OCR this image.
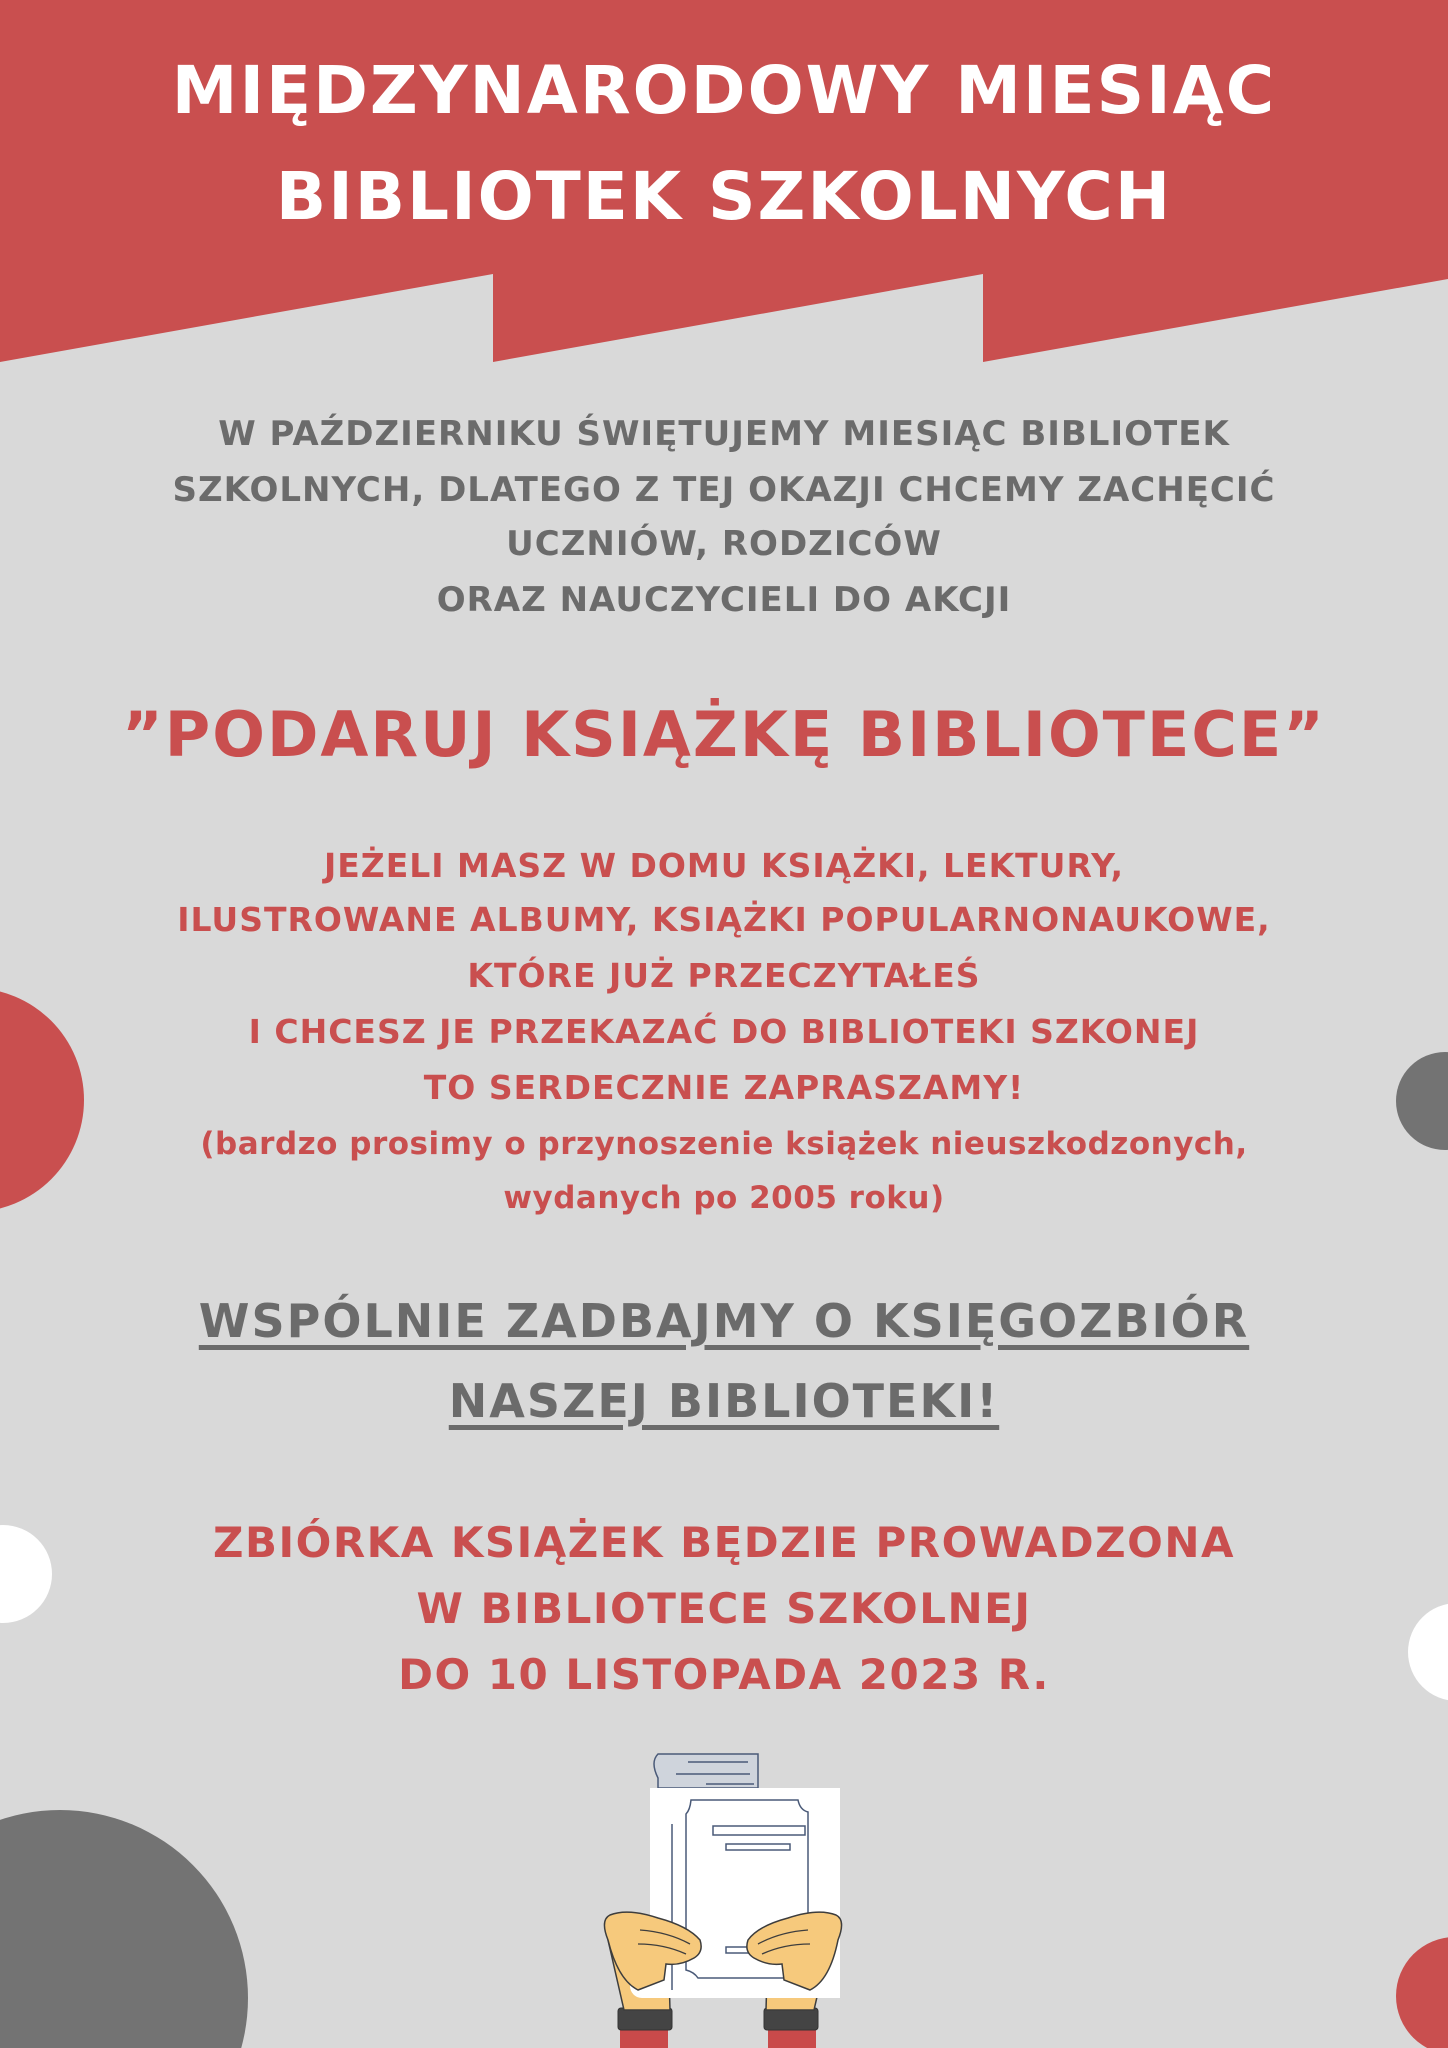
MIĘDZYNARODOWY MIESIĄC
BIBLIOTEK SZKOLNYCH
W PAŹDZIERNIKU ŚWIĘTUJEMY MIESIĄC BIBLIOTEK
SZKOLNYCH, DLATEGO Z TEJ OKAZJI CHCEMY ZACHĘCIĆ
UCZNIÓW, RODZICÓW
ORAZ NAUCZYCIELI DO AKCJI
”PODARUJ KSIĄŻKĘ BIBLIOTECE”
JEŻELI MASZ W DOMU KSIĄŻKI, LEKTURY,
ILUSTROWANE ALBUMY, KSIĄŻKI POPULARNONAUKOWE,
KTÓRE JUŻ PRZECZYTAŁEŚ
I CHCESZ JE PRZEKAZAĆ DO BIBLIOTEKI SZKONEJ
TO SERDECZNIE ZAPRASZAMY!
(bardzo prosimy o przynoszenie książek nieuszkodzonych,
wydanych po 2005 roku)
WSPÓLNIE ZADBAJMY O KSIĘGOZBIÓR
NASZEJ BIBLIOTEKI!
ZBIÓRKA KSIĄŻEK BĘDZIE PROWADZONA
W BIBLIOTECE SZKOLNEJ
DO 10 LISTOPADA 2023 R.
